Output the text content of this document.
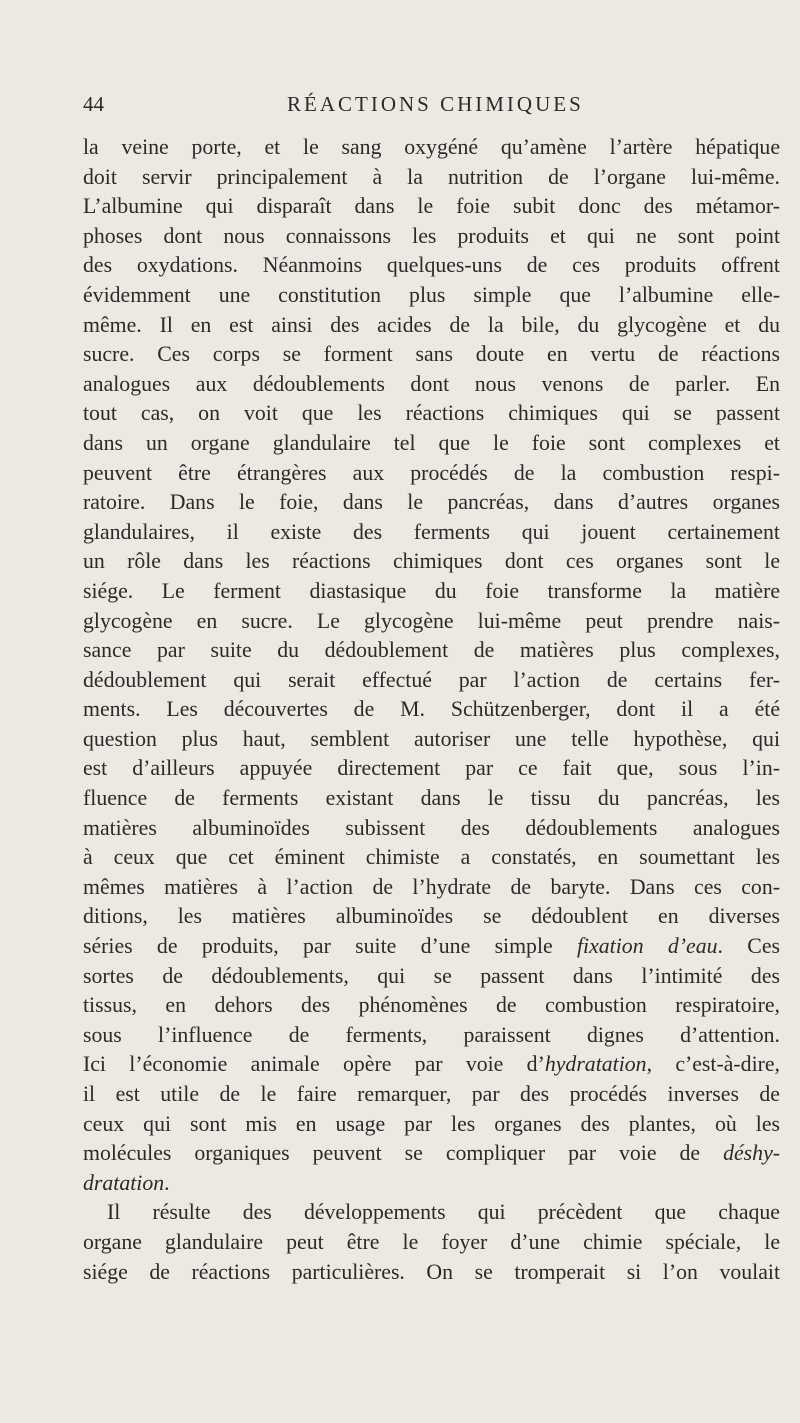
44	RÉACTIONS CHIMIQUES
la veine porte, et le sang oxygéné qu’amène l’artère hépatique
doit servir principalement à la nutrition de l’organe lui-même.
L’albumine qui disparaît dans le foie subit donc des métamor-
phoses dont nous connaissons les produits et qui ne sont point
des oxydations. Néanmoins quelques-uns de ces produits offrent
évidemment une constitution plus simple que l’albumine elle-
même. Il en est ainsi des acides de la bile, du glycogène et du
sucre. Ces corps se forment sans doute en vertu de réactions
analogues aux dédoublements dont nous venons de parler. En
tout cas, on voit que les réactions chimiques qui se passent
dans un organe glandulaire tel que le foie sont complexes et
peuvent être étrangères aux procédés de la combustion respi-
ratoire. Dans le foie, dans le pancréas, dans d’autres organes
glandulaires, il existe des ferments qui jouent certainement
un rôle dans les réactions chimiques dont ces organes sont le
siége. Le ferment diastasique du foie transforme la matière
glycogène en sucre. Le glycogène lui-même peut prendre nais-
sance par suite du dédoublement de matières plus complexes,
dédoublement qui serait effectué par l’action de certains fer-
ments. Les découvertes de M. Schützenberger, dont il a été
question plus haut, semblent autoriser une telle hypothèse, qui
est d’ailleurs appuyée directement par ce fait que, sous l’in-
fluence de ferments existant dans le tissu du pancréas, les
matières albuminoïdes subissent des dédoublements analogues
à ceux que cet éminent chimiste a constatés, en soumettant les
mêmes matières à l’action de l’hydrate de baryte. Dans ces con-
ditions, les matières albuminoïdes se dédoublent en diverses
séries de produits, par suite d’une simple fixation d’eau. Ces
sortes de dédoublements, qui se passent dans l’intimité des
tissus, en dehors des phénomènes de combustion respiratoire,
sous l’influence de ferments, paraissent dignes d’attention.
Ici l’économie animale opère par voie d’hydratation, c’est-à-dire,
il est utile de le faire remarquer, par des procédés inverses de
ceux qui sont mis en usage par les organes des plantes, où les
molécules organiques peuvent se compliquer par voie de déshy-
dratation.
Il résulte des développements qui précèdent que chaque
organe glandulaire peut être le foyer d’une chimie spéciale, le
siége de réactions particulières. On se tromperait si l’on voulait
